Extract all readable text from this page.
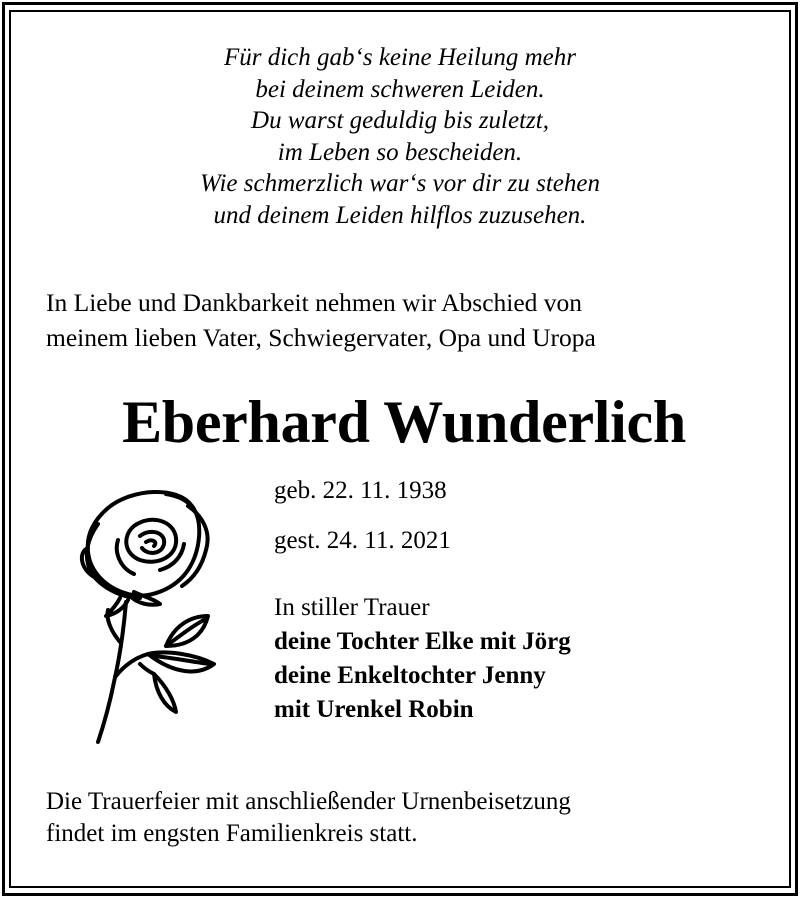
Für dich gab‘s keine Heilung mehr
bei deinem schweren Leiden.
Du warst geduldig bis zuletzt,
im Leben so bescheiden.
Wie schmerzlich war‘s vor dir zu stehen
und deinem Leiden hilflos zuzusehen.
In Liebe und Dankbarkeit nehmen wir Abschied von
meinem lieben Vater, Schwiegervater, Opa und Uropa
Eberhard Wunderlich
geb. 22. 11. 1938
gest. 24. 11. 2021
In stiller Trauer
deine Tochter Elke mit Jörg
deine Enkeltochter Jenny
mit Urenkel Robin
Die Trauerfeier mit anschließender Urnenbeisetzung
findet im engsten Familienkreis statt.
